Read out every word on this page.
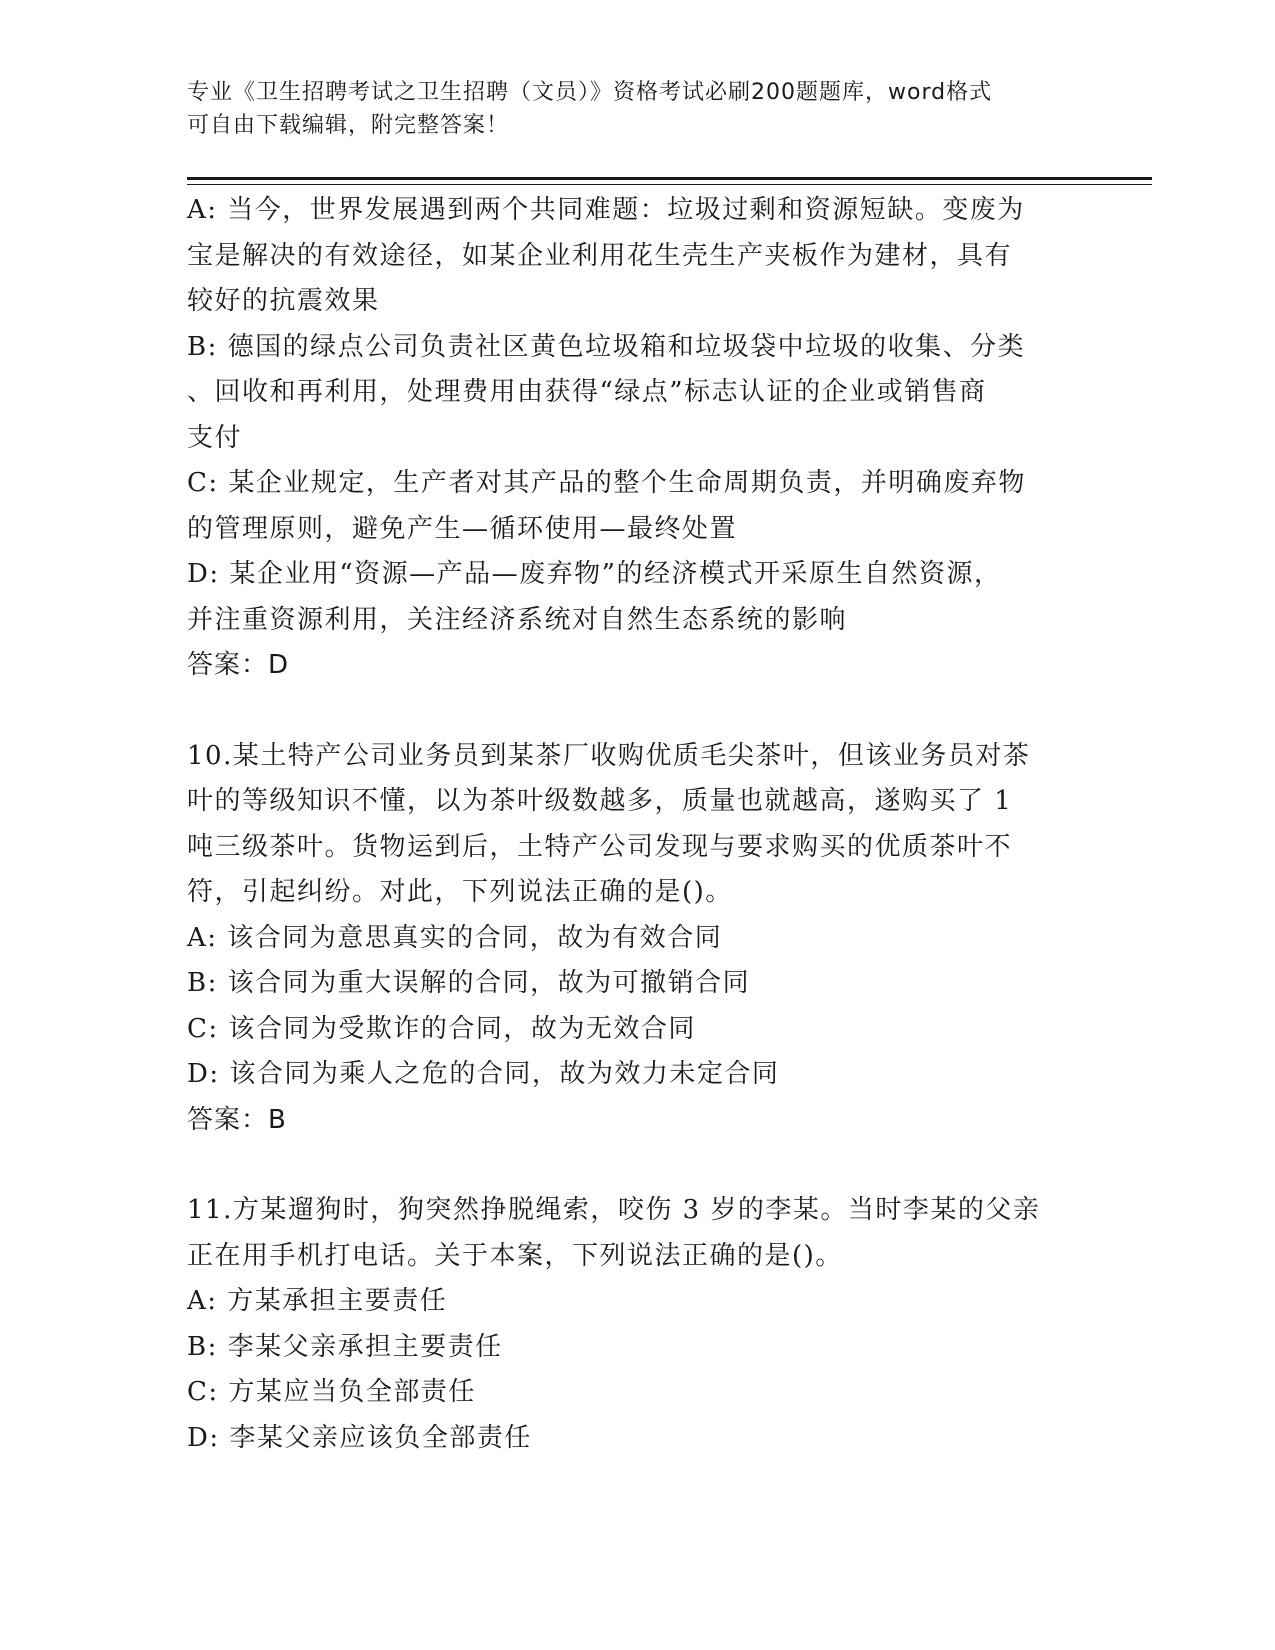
专业《卫生招聘考试之卫生招聘（文员）》资格考试必刷200题题库，word格式
可自由下载编辑，附完整答案！
A: 当今，世界发展遇到两个共同难题：垃圾过剩和资源短缺。变废为
宝是解决的有效途径，如某企业利用花生壳生产夹板作为建材，具有
较好的抗震效果
B: 德国的绿点公司负责社区黄色垃圾箱和垃圾袋中垃圾的收集、分类
、回收和再利用，处理费用由获得“绿点”标志认证的企业或销售商
支付
C: 某企业规定，生产者对其产品的整个生命周期负责，并明确废弃物
的管理原则，避免产生—循环使用—最终处置
D: 某企业用“资源—产品—废弃物”的经济模式开采原生自然资源，
并注重资源利用，关注经济系统对自然生态系统的影响
答案：D
10.某土特产公司业务员到某茶厂收购优质毛尖茶叶，但该业务员对茶
叶的等级知识不懂，以为茶叶级数越多，质量也就越高，遂购买了 1
吨三级茶叶。货物运到后，土特产公司发现与要求购买的优质茶叶不
符，引起纠纷。对此，下列说法正确的是()。
A: 该合同为意思真实的合同，故为有效合同
B: 该合同为重大误解的合同，故为可撤销合同
C: 该合同为受欺诈的合同，故为无效合同
D: 该合同为乘人之危的合同，故为效力未定合同
答案：B
11.方某遛狗时，狗突然挣脱绳索，咬伤 3 岁的李某。当时李某的父亲
正在用手机打电话。关于本案，下列说法正确的是()。
A: 方某承担主要责任
B: 李某父亲承担主要责任
C: 方某应当负全部责任
D: 李某父亲应该负全部责任
